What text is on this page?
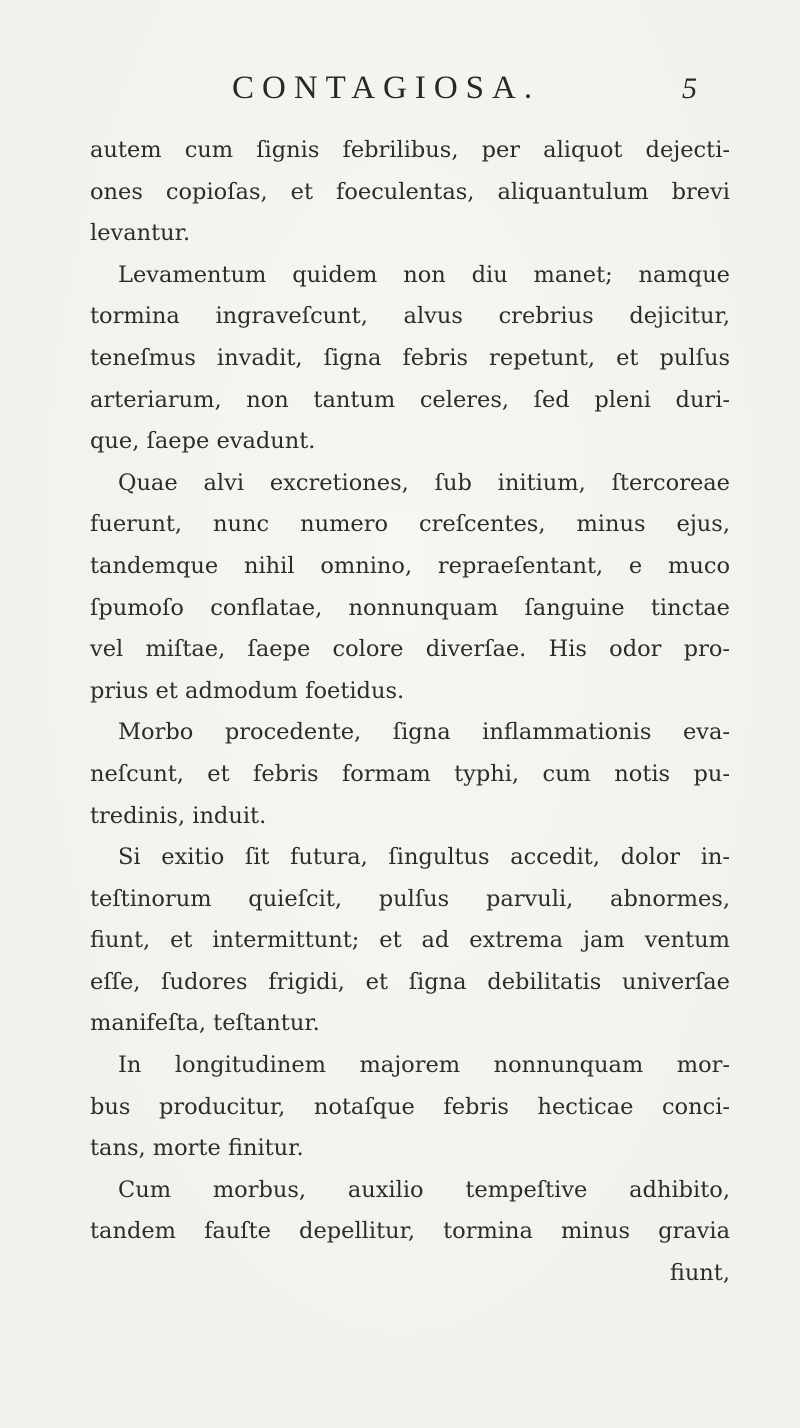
CONTAGIOSA.	5
autem cum ſignis febrilibus, per aliquot dejecti-
ones copioſas, et foeculentas, aliquantulum brevi
levantur.
Levamentum quidem non diu manet; namque
tormina ingraveſcunt, alvus crebrius dejicitur,
teneſmus invadit, ſigna febris repetunt, et pulſus
arteriarum, non tantum celeres, ſed pleni duri-
que, ſaepe evadunt.
Quae alvi excretiones, ſub initium, ſtercoreae
fuerunt, nunc numero creſcentes, minus ejus,
tandemque nihil omnino, repraeſentant, e muco
ſpumoſo conflatae, nonnunquam ſanguine tinctae
vel miſtae, ſaepe colore diverſae. His odor pro-
prius et admodum foetidus.
Morbo procedente, ſigna inflammationis eva-
neſcunt, et febris formam typhi, cum notis pu-
tredinis, induit.
Si exitio ſit futura, ſingultus accedit, dolor in-
teſtinorum quieſcit, pulſus parvuli, abnormes,
fiunt, et intermittunt; et ad extrema jam ventum
eſſe, ſudores frigidi, et ſigna debilitatis univerſae
manifeſta, teſtantur.
In longitudinem majorem nonnunquam mor-
bus producitur, notaſque febris hecticae conci-
tans, morte finitur.
Cum morbus, auxilio tempeſtive adhibito,
tandem fauſte depellitur, tormina minus gravia
fiunt,
